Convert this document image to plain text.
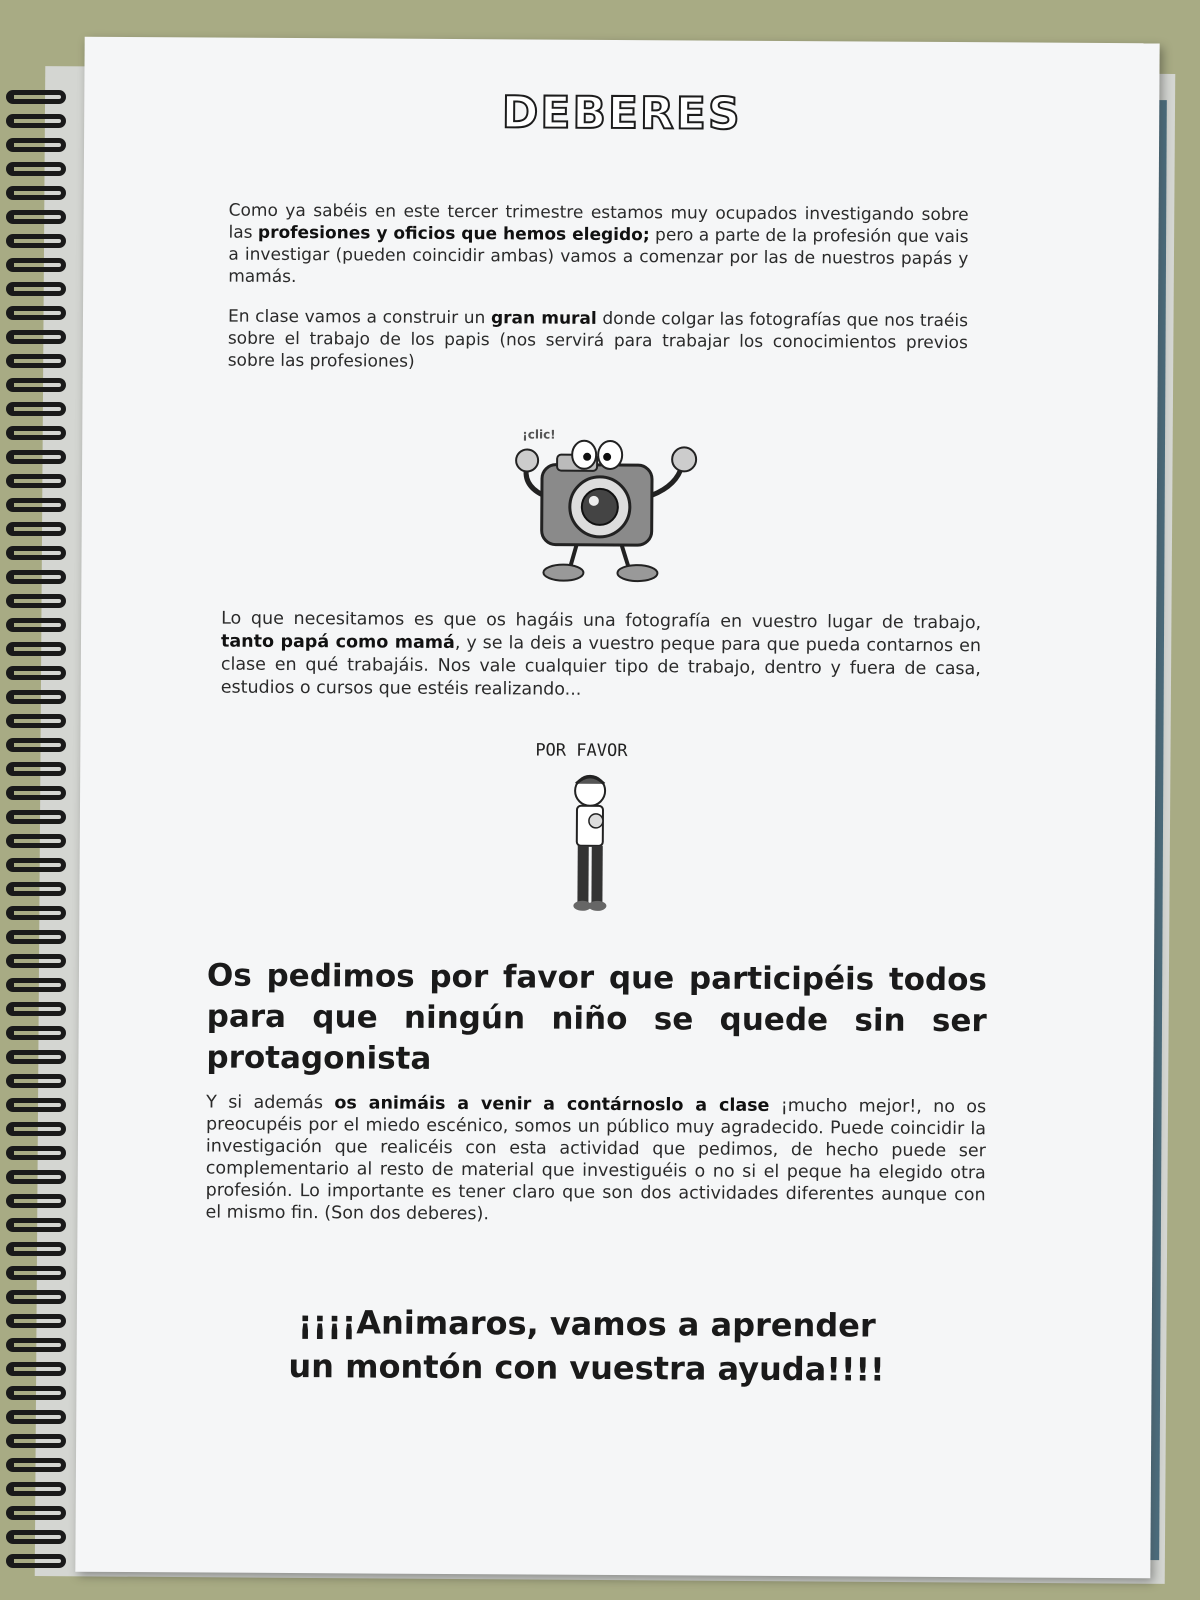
DEBERES
Como ya sabéis en este tercer trimestre estamos muy ocupados investigando sobre las profesiones y oficios que hemos elegido; pero a parte de la profesión que vais a investigar (pueden coincidir ambas) vamos a comenzar por las de nuestros papás y mamás.
En clase vamos a construir un gran mural donde colgar las fotografías que nos traéis sobre el trabajo de los papis (nos servirá para trabajar los conocimientos previos sobre las profesiones)
¡clic!
Lo que necesitamos es que os hagáis una fotografía en vuestro lugar de trabajo, tanto papá como mamá, y se la deis a vuestro peque para que pueda contarnos en clase en qué trabajáis. Nos vale cualquier tipo de trabajo, dentro y fuera de casa, estudios o cursos que estéis realizando...
POR FAVOR
Os pedimos por favor que participéis todos para que ningún niño se quede sin ser protagonista
Y si además os animáis a venir a contárnoslo a clase ¡mucho mejor!, no os preocupéis por el miedo escénico, somos un público muy agradecido. Puede coincidir la investigación que realicéis con esta actividad que pedimos, de hecho puede ser complementario al resto de material que investiguéis o no si el peque ha elegido otra profesión. Lo importante es tener claro que son dos actividades diferentes aunque con el mismo fin. (Son dos deberes).
¡¡¡¡Animaros, vamos a aprender
un montón con vuestra ayuda!!!!
